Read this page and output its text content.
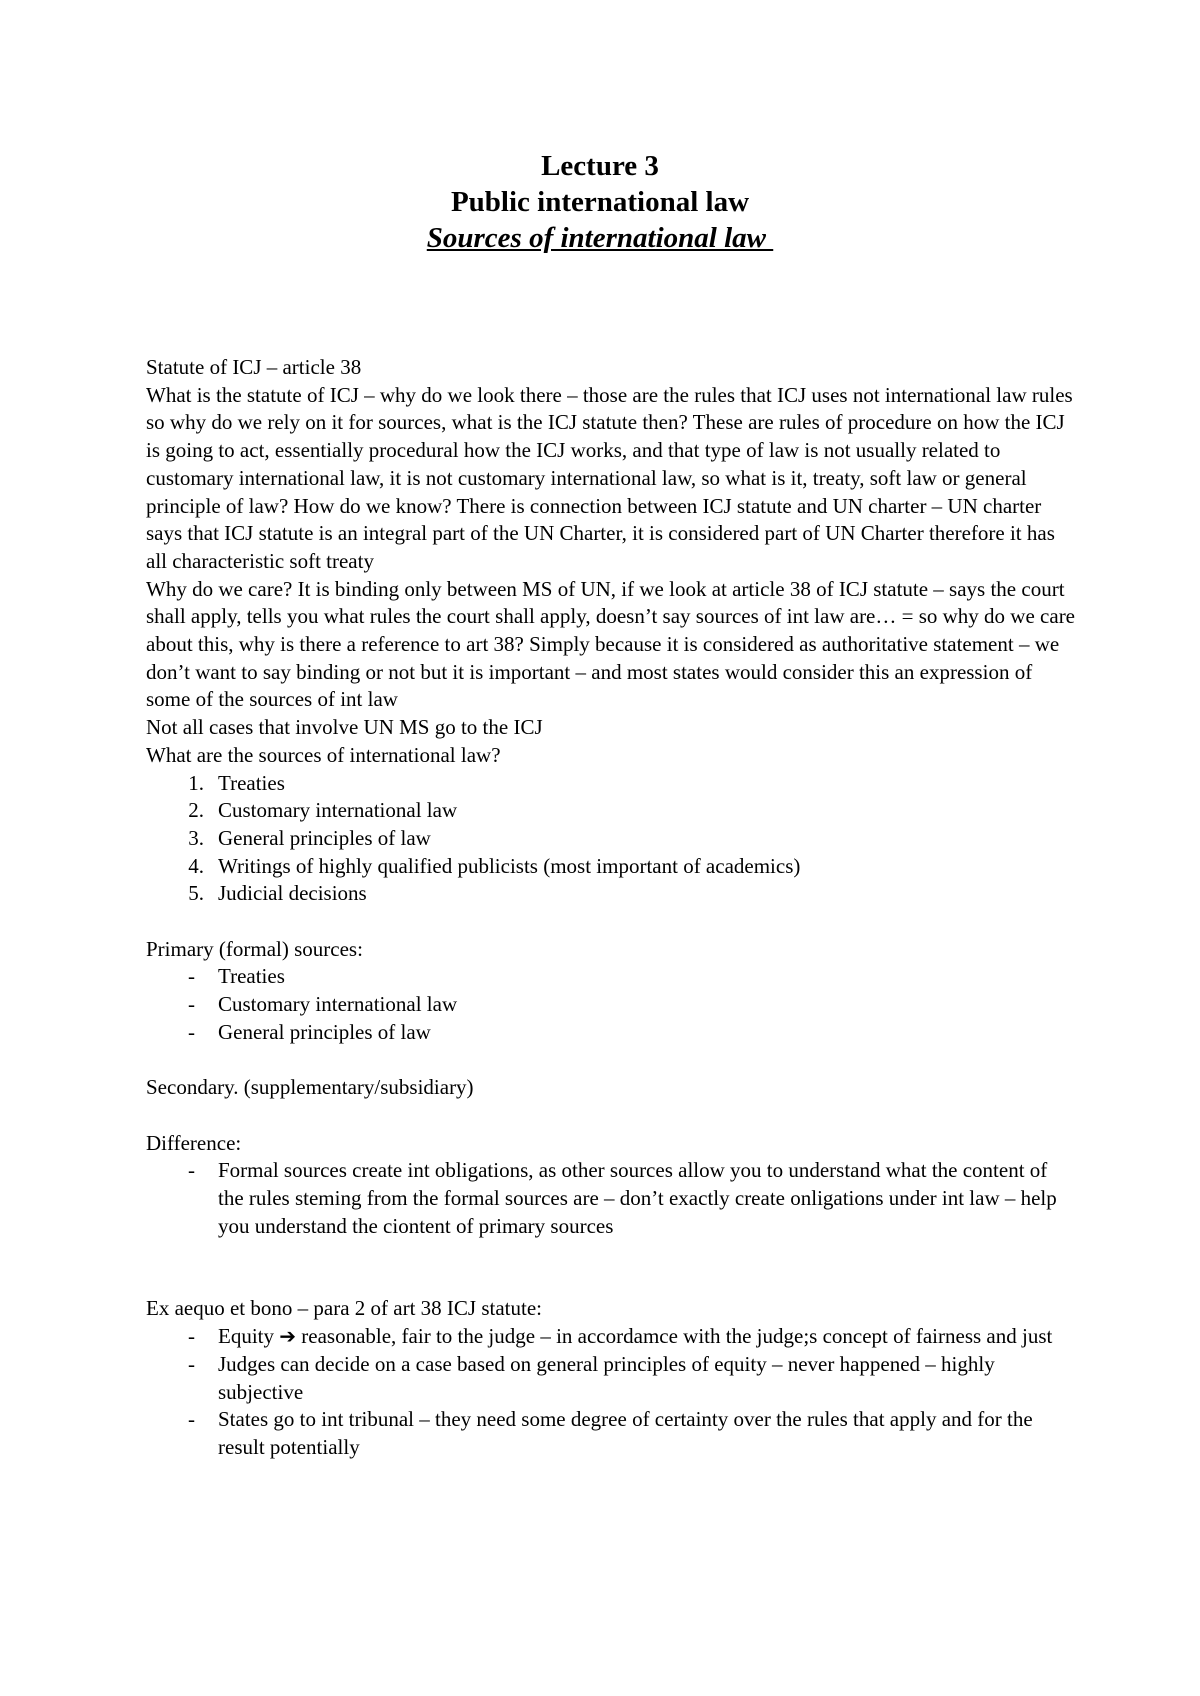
Lecture 3
Public international law
Sources of international law

Statute of ICJ – article 38

What is the statute of ICJ – why do we look there – those are the rules that ICJ uses not international law rules so why do we rely on it for sources, what is the ICJ statute then? These are rules of procedure on how the ICJ is going to act, essentially procedural how the ICJ works, and that type of law is not usually related to customary international law, it is not customary international law, so what is it, treaty, soft law or general principle of law? How do we know? There is connection between ICJ statute and UN charter – UN charter says that ICJ statute is an integral part of the UN Charter, it is considered part of UN Charter therefore it has all characteristic soft treaty

Why do we care? It is binding only between MS of UN, if we look at article 38 of ICJ statute – says the court shall apply, tells you what rules the court shall apply, doesn’t say sources of int law are… = so why do we care about this, why is there a reference to art 38? Simply because it is considered as authoritative statement – we don’t want to say binding or not but it is important – and most states would consider this an expression of some of the sources of int law

Not all cases that involve UN MS go to the ICJ

What are the sources of international law?

1. Treaties
2. Customary international law
3. General principles of law
4. Writings of highly qualified publicists (most important of academics)
5. Judicial decisions

Primary (formal) sources:

-	Treaties
-	Customary international law
-	General principles of law

Secondary. (supplementary/subsidiary)

Difference:

-	Formal sources create int obligations, as other sources allow you to understand what the content of the rules steming from the formal sources are – don’t exactly create onligations under int law – help you understand the ciontent of primary sources

Ex aequo et bono – para 2 of art 38 ICJ statute:

-	Equity ➔ reasonable, fair to the judge – in accordamce with the judge;s concept of fairness and just
-	Judges can decide on a case based on general principles of equity – never happened – highly subjective
-	States go to int tribunal – they need some degree of certainty over the rules that apply and for the result potentially
